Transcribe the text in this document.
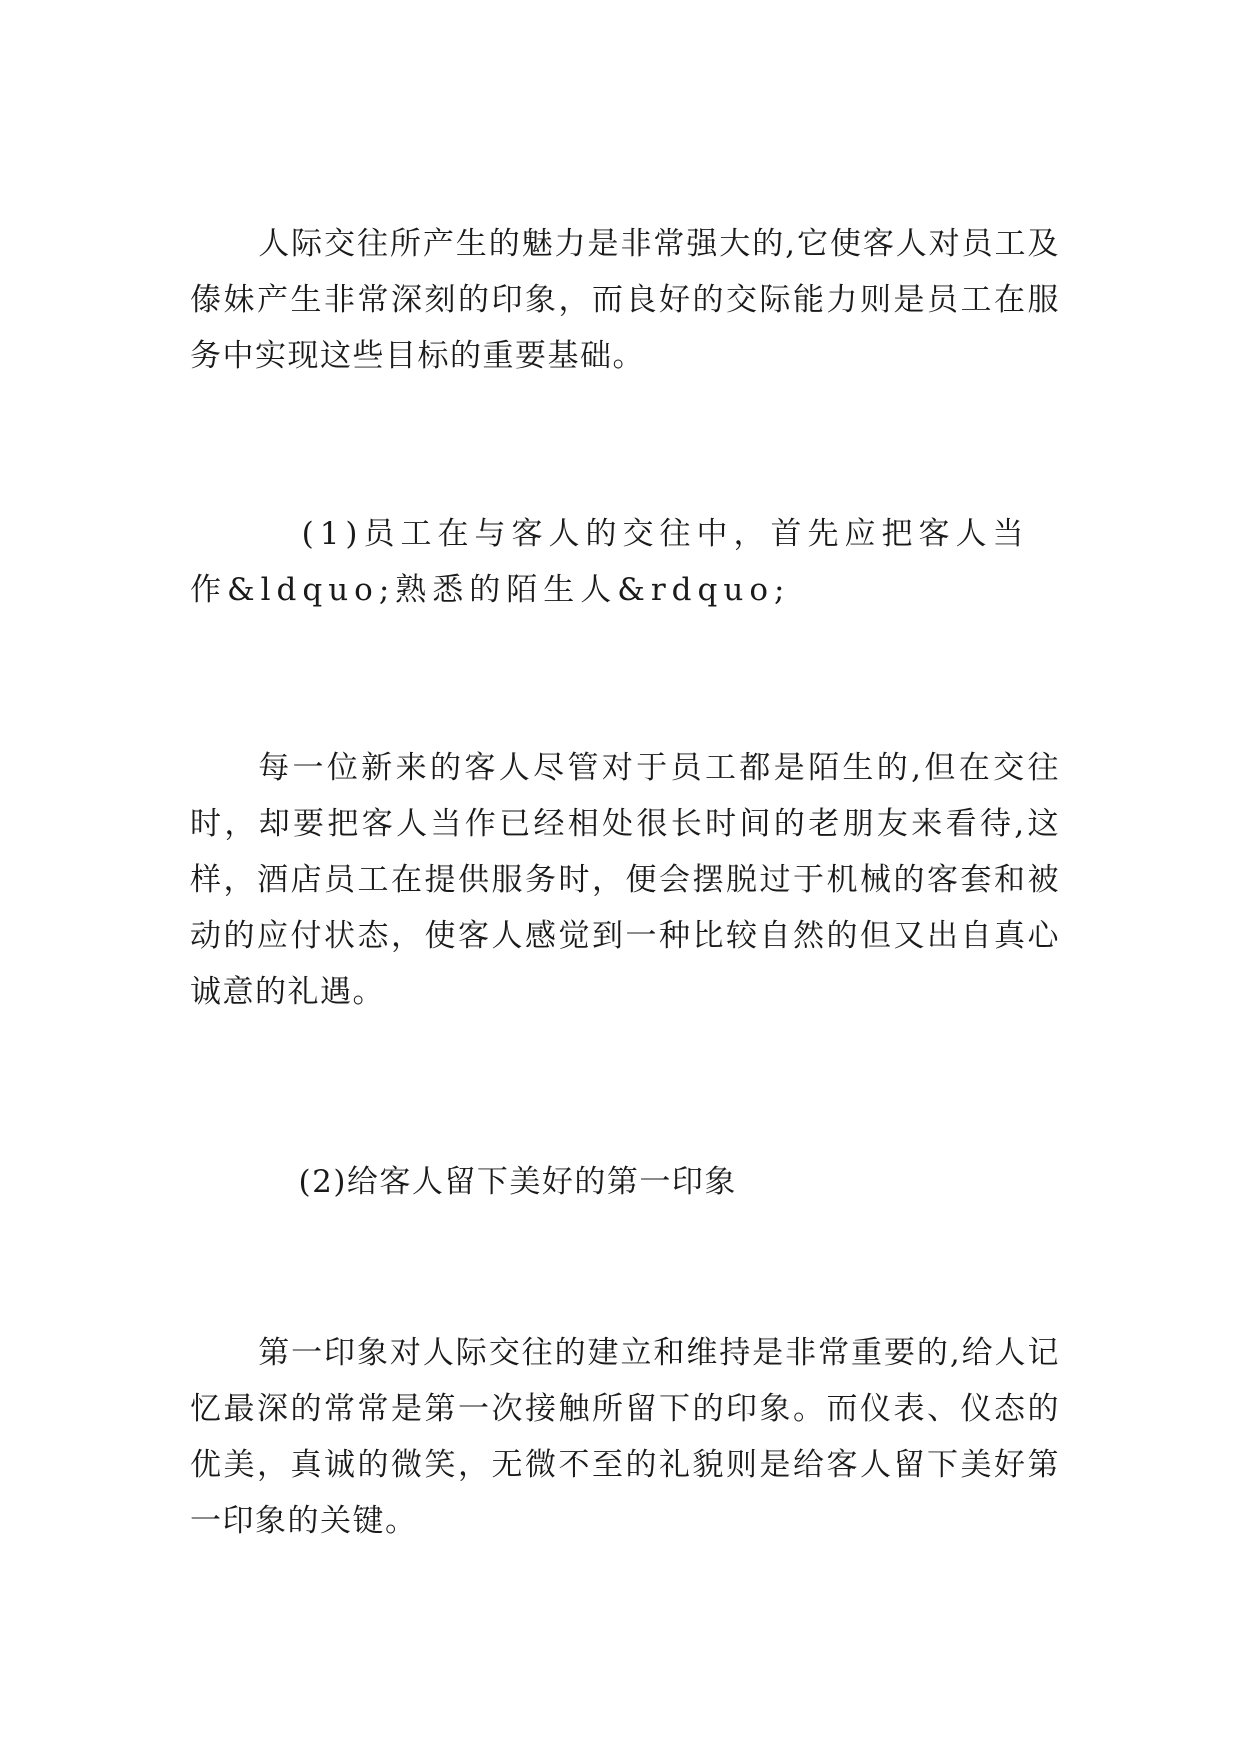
人际交往所产生的魅力是非常强大的,它使客人对员工及傣妹产生非常深刻的印象，而良好的交际能力则是员工在服务中实现这些目标的重要基础。

(1)员工在与客人的交往中，首先应把客人当作&ldquo;熟悉的陌生人&rdquo;

每一位新来的客人尽管对于员工都是陌生的,但在交往时，却要把客人当作已经相处很长时间的老朋友来看待,这样，酒店员工在提供服务时，便会摆脱过于机械的客套和被动的应付状态，使客人感觉到一种比较自然的但又出自真心诚意的礼遇。

(2)给客人留下美好的第一印象

第一印象对人际交往的建立和维持是非常重要的,给人记忆最深的常常是第一次接触所留下的印象。而仪表、仪态的优美，真诚的微笑，无微不至的礼貌则是给客人留下美好第一印象的关键。
